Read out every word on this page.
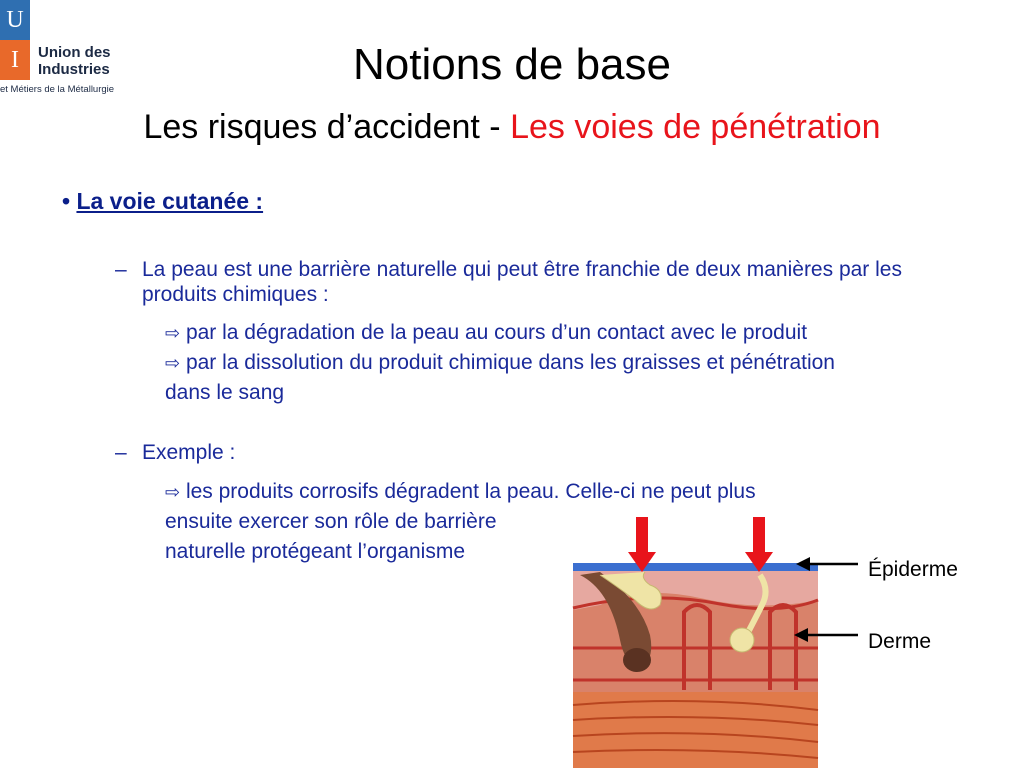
U
I	Union des
Industries
et Métiers de la Métallurgie
Notions de base
Les risques d’accident - Les voies de pénétration
• La voie cutanée :
– La peau est une barrière naturelle qui peut être franchie de deux manières par les produits chimiques :
⇨ par la dégradation de la peau au cours d’un contact avec le produit
⇨ par la dissolution du produit chimique dans les graisses et pénétration dans le sang
– Exemple :
⇨ les produits corrosifs dégradent la peau. Celle-ci ne peut plus
ensuite exercer son rôle de barrière
naturelle protégeant l’organisme
Épiderme
Derme
